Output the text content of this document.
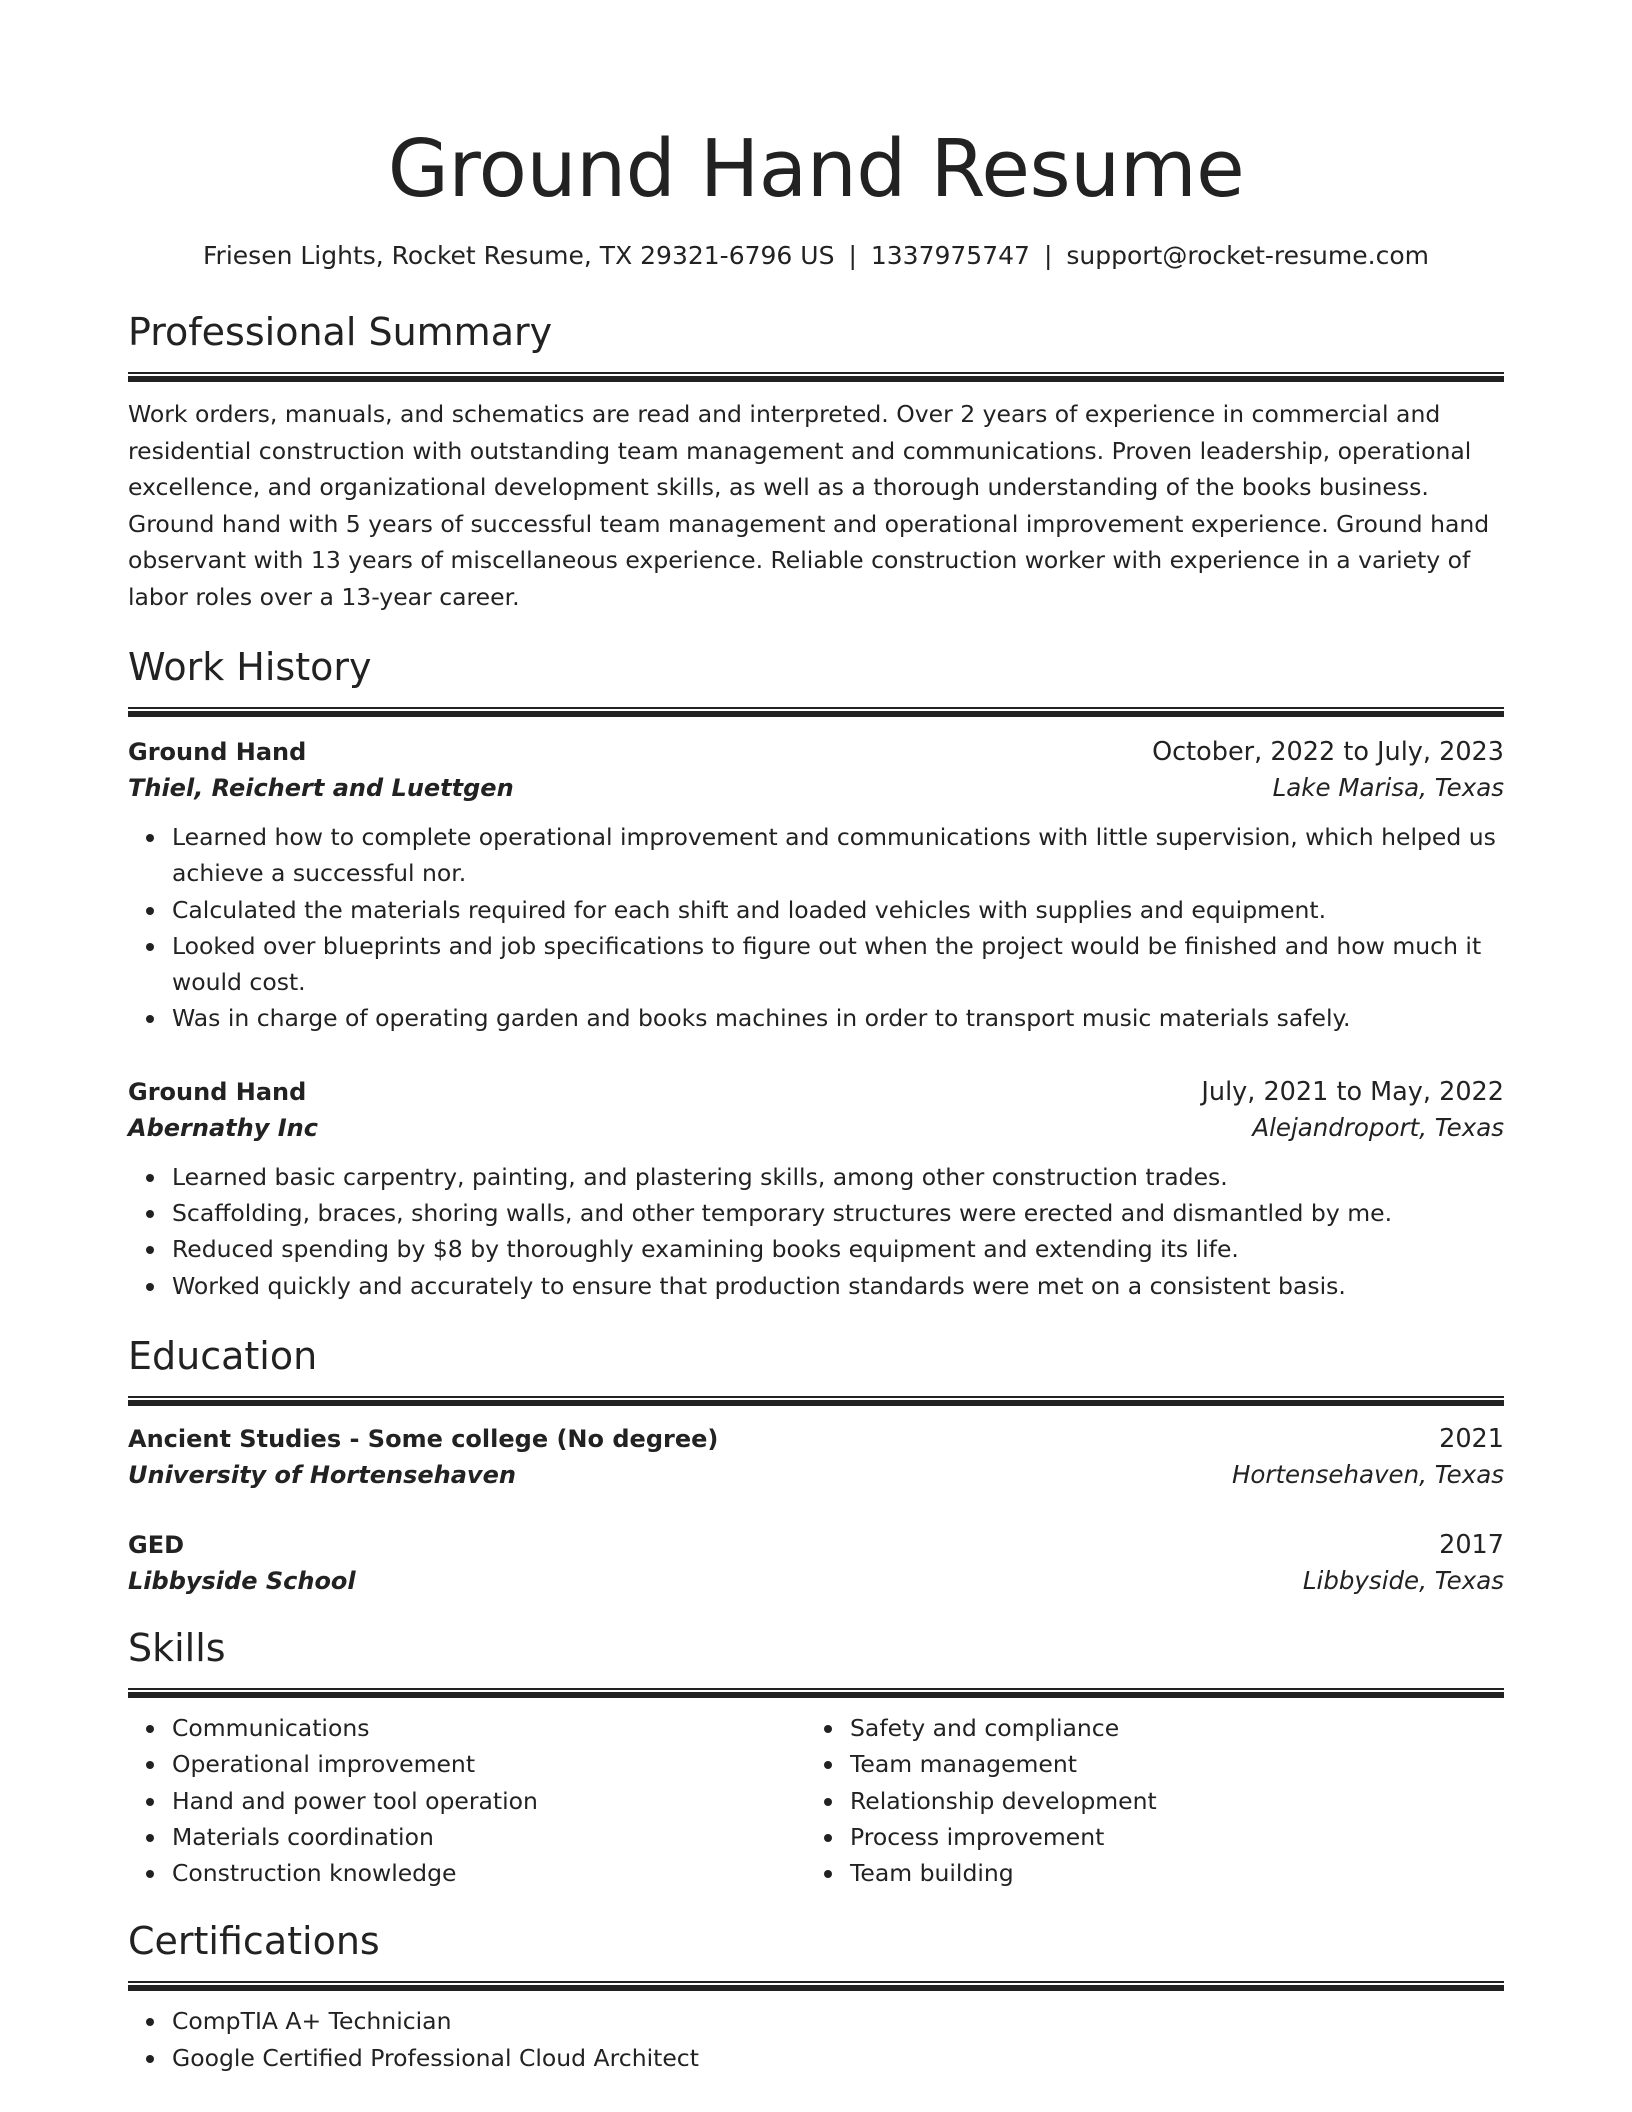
Ground Hand Resume
Friesen Lights, Rocket Resume, TX 29321-6796 US | 1337975747 | support@rocket-resume.com
Professional Summary

Work orders, manuals, and schematics are read and interpreted. Over 2 years of experience in commercial and residential construction with outstanding team management and communications. Proven leadership, operational excellence, and organizational development skills, as well as a thorough understanding of the books business. Ground hand with 5 years of successful team management and operational improvement experience. Ground hand observant with 13 years of miscellaneous experience. Reliable construction worker with experience in a variety of labor roles over a 13-year career.

Work History
Ground Hand	October, 2022 to July, 2023
Thiel, Reichert and Luettgen	Lake Marisa, Texas
Learned how to complete operational improvement and communications with little supervision, which helped us achieve a successful nor.
Calculated the materials required for each shift and loaded vehicles with supplies and equipment.
Looked over blueprints and job specifications to figure out when the project would be finished and how much it would cost.
Was in charge of operating garden and books machines in order to transport music materials safely.
Ground Hand	July, 2021 to May, 2022
Abernathy Inc	Alejandroport, Texas
Learned basic carpentry, painting, and plastering skills, among other construction trades.
Scaffolding, braces, shoring walls, and other temporary structures were erected and dismantled by me.
Reduced spending by $8 by thoroughly examining books equipment and extending its life.
Worked quickly and accurately to ensure that production standards were met on a consistent basis.
Education
Ancient Studies - Some college (No degree)	2021
University of Hortensehaven	Hortensehaven, Texas
GED	2017
Libbyside School	Libbyside, Texas
Skills
Communications
Operational improvement
Hand and power tool operation
Materials coordination
Construction knowledge
Safety and compliance
Team management
Relationship development
Process improvement
Team building
Certifications
CompTIA A+ Technician
Google Certified Professional Cloud Architect
